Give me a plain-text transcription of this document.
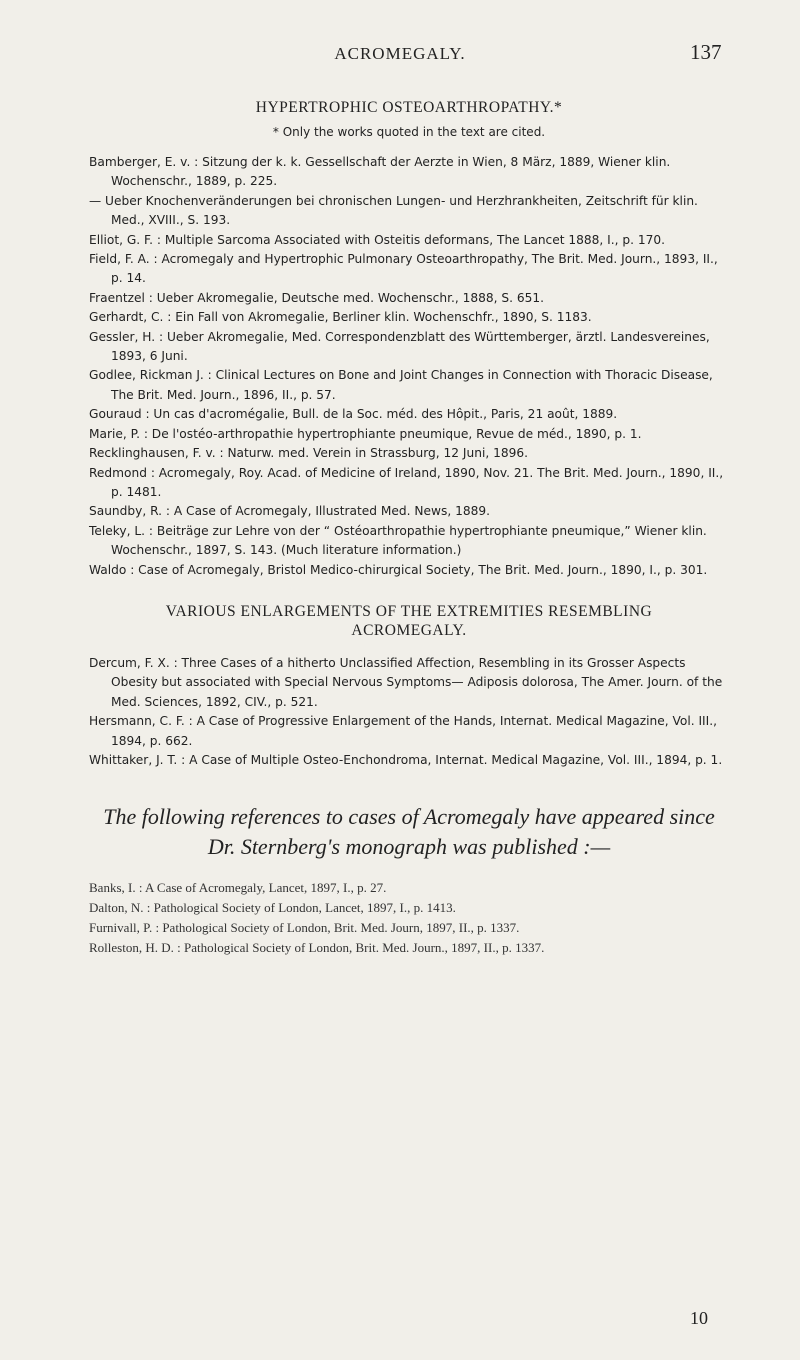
ACROMEGALY.	137
HYPERTROPHIC OSTEOARTHROPATHY.*
* Only the works quoted in the text are cited.

Bamberger, E. v. : Sitzung der k. k. Gessellschaft der Aerzte in Wien, 8 März, 1889, Wiener klin. Wochenschr., 1889, p. 225.

— Ueber Knochenveränderungen bei chronischen Lungen- und Herzhrankheiten, Zeitschrift für klin. Med., XVIII., S. 193.

Elliot, G. F. : Multiple Sarcoma Associated with Osteitis deformans, The Lancet 1888, I., p. 170.

Field, F. A. : Acromegaly and Hypertrophic Pulmonary Osteoarthropathy, The Brit. Med. Journ., 1893, II., p. 14.

Fraentzel : Ueber Akromegalie, Deutsche med. Wochenschr., 1888, S. 651.

Gerhardt, C. : Ein Fall von Akromegalie, Berliner klin. Wochenschfr., 1890, S. 1183.

Gessler, H. : Ueber Akromegalie, Med. Correspondenzblatt des Württemberger, ärztl. Landesvereines, 1893, 6 Juni.

Godlee, Rickman J. : Clinical Lectures on Bone and Joint Changes in Connection with Thoracic Disease, The Brit. Med. Journ., 1896, II., p. 57.

Gouraud : Un cas d'acromégalie, Bull. de la Soc. méd. des Hôpit., Paris, 21 août, 1889.

Marie, P. : De l'ostéo-arthropathie hypertrophiante pneumique, Revue de méd., 1890, p. 1.

Recklinghausen, F. v. : Naturw. med. Verein in Strassburg, 12 Juni, 1896.

Redmond : Acromegaly, Roy. Acad. of Medicine of Ireland, 1890, Nov. 21. The Brit. Med. Journ., 1890, II., p. 1481.

Saundby, R. : A Case of Acromegaly, Illustrated Med. News, 1889.

Teleky, L. : Beiträge zur Lehre von der “ Ostéoarthropathie hypertrophiante pneumique,” Wiener klin. Wochenschr., 1897, S. 143. (Much literature information.)

Waldo : Case of Acromegaly, Bristol Medico-chirurgical Society, The Brit. Med. Journ., 1890, I., p. 301.

VARIOUS ENLARGEMENTS OF THE EXTREMITIES RESEMBLING
ACROMEGALY.

Dercum, F. X. : Three Cases of a hitherto Unclassified Affection, Resembling in its Grosser Aspects Obesity but associated with Special Nervous Symptoms— Adiposis dolorosa, The Amer. Journ. of the Med. Sciences, 1892, CIV., p. 521.

Hersmann, C. F. : A Case of Progressive Enlargement of the Hands, Internat. Medical Magazine, Vol. III., 1894, p. 662.

Whittaker, J. T. : A Case of Multiple Osteo-Enchondroma, Internat. Medical Magazine, Vol. III., 1894, p. 1.

The following references to cases of Acromegaly have appeared since Dr. Sternberg's monograph was published :—

Banks, I. : A Case of Acromegaly, Lancet, 1897, I., p. 27.

Dalton, N. : Pathological Society of London, Lancet, 1897, I., p. 1413.

Furnivall, P. : Pathological Society of London, Brit. Med. Journ, 1897, II., p. 1337.

Rolleston, H. D. : Pathological Society of London, Brit. Med. Journ., 1897, II., p. 1337.

10
